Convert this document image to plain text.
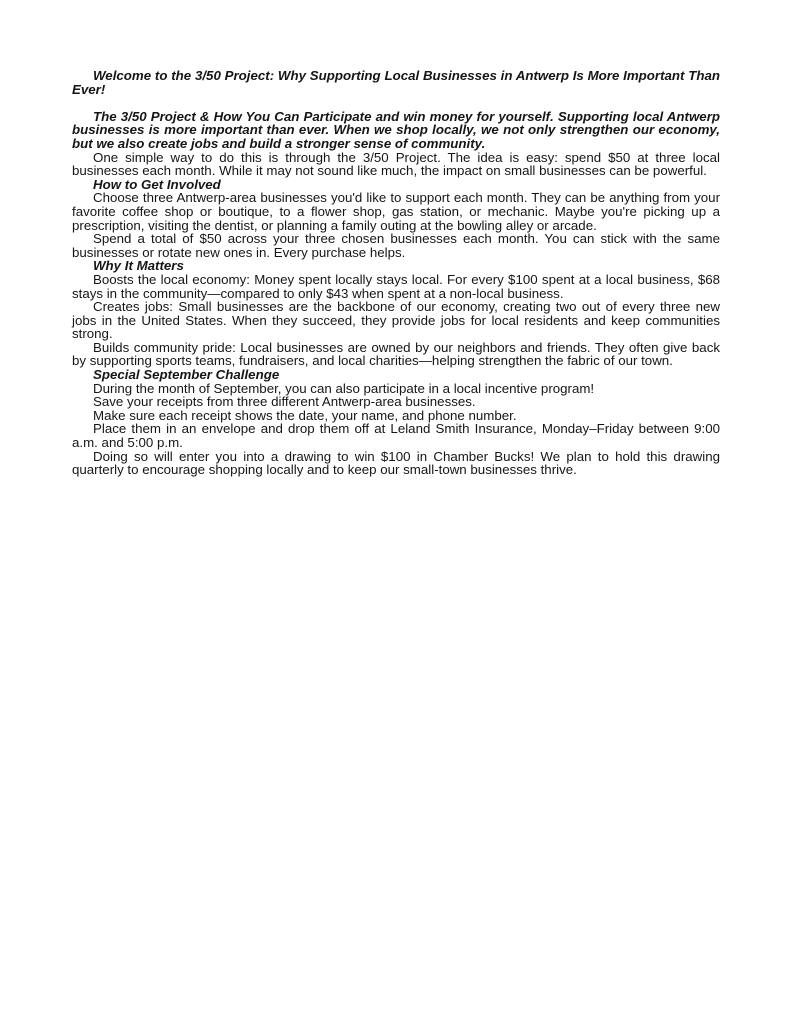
Welcome to the 3/50 Project: Why Supporting Local Businesses in Antwerp Is More Important Than Ever!

The 3/50 Project & How You Can Participate and win money for yourself. Supporting local Antwerp businesses is more important than ever. When we shop locally, we not only strengthen our economy, but we also create jobs and build a stronger sense of community.

One simple way to do this is through the 3/50 Project. The idea is easy: spend $50 at three local businesses each month. While it may not sound like much, the impact on small businesses can be powerful.

How to Get Involved

Choose three Antwerp-area businesses you'd like to support each month. They can be anything from your favorite coffee shop or boutique, to a flower shop, gas station, or mechanic. Maybe you're picking up a prescription, visiting the dentist, or planning a family outing at the bowling alley or arcade.

Spend a total of $50 across your three chosen businesses each month. You can stick with the same businesses or rotate new ones in. Every purchase helps.

Why It Matters

Boosts the local economy: Money spent locally stays local. For every $100 spent at a local business, $68 stays in the community—compared to only $43 when spent at a non-local business.

Creates jobs: Small businesses are the backbone of our economy, creating two out of every three new jobs in the United States. When they succeed, they provide jobs for local residents and keep communities strong.

Builds community pride: Local businesses are owned by our neighbors and friends. They often give back by supporting sports teams, fundraisers, and local charities—helping strengthen the fabric of our town.

Special September Challenge

During the month of September, you can also participate in a local incentive program!

Save your receipts from three different Antwerp-area businesses.

Make sure each receipt shows the date, your name, and phone number.

Place them in an envelope and drop them off at Leland Smith Insurance, Monday–Friday between 9:00 a.m. and 5:00 p.m.

Doing so will enter you into a drawing to win $100 in Chamber Bucks! We plan to hold this drawing quarterly to encourage shopping locally and to keep our small-town businesses thrive.
